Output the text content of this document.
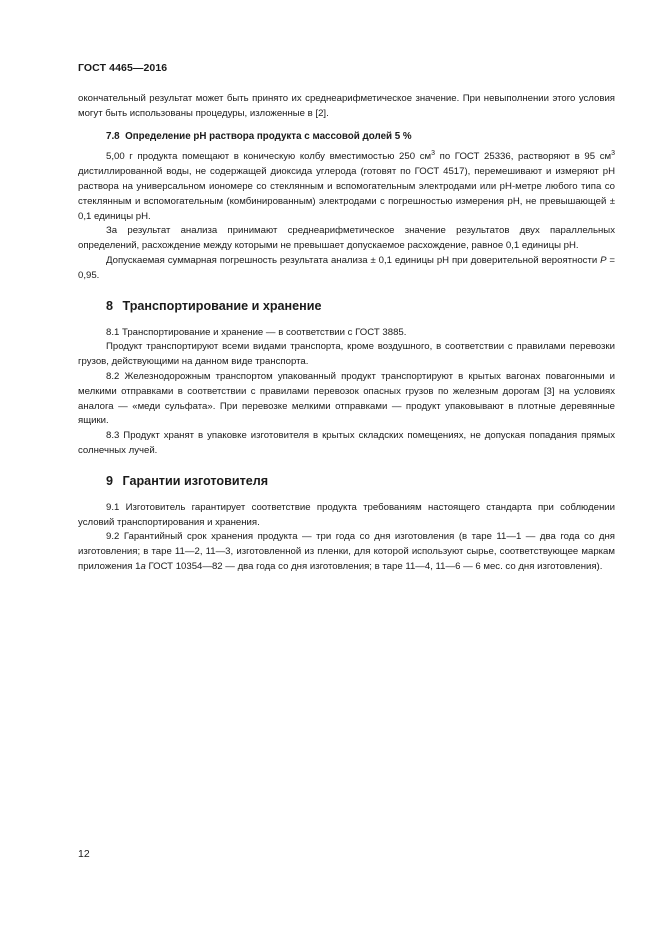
ГОСТ 4465—2016

окончательный результат может быть принято их среднеарифметическое значение. При невыполнении этого условия могут быть использованы процедуры, изложенные в [2].

7.8 Определение рН раствора продукта с массовой долей 5 %

5,00 г продукта помещают в коническую колбу вместимостью 250 $см^3$ по ГОСТ 25336, растворяют в 95 $см^3$ дистиллированной воды, не содержащей диоксида углерода (готовят по ГОСТ 4517), перемешивают и измеряют рН раствора на универсальном иономере со стеклянным и вспомогательным электродами или рН-метре любого типа со стеклянным и вспомогательным (комбинированным) электродами с погрешностью измерения рН, не превышающей ± 0,1 единицы рН.

За результат анализа принимают среднеарифметическое значение результатов двух параллельных определений, расхождение между которыми не превышает допускаемое расхождение, равное 0,1 единицы рН.

Допускаемая суммарная погрешность результата анализа ± 0,1 единицы рН при доверительной вероятности P = 0,95.

8 Транспортирование и хранение

8.1 Транспортирование и хранение — в соответствии с ГОСТ 3885.

Продукт транспортируют всеми видами транспорта, кроме воздушного, в соответствии с правилами перевозки грузов, действующими на данном виде транспорта.

8.2 Железнодорожным транспортом упакованный продукт транспортируют в крытых вагонах повагонными и мелкими отправками в соответствии с правилами перевозок опасных грузов по железным дорогам [3] на условиях аналога — «меди сульфата». При перевозке мелкими отправками — продукт упаковывают в плотные деревянные ящики.

8.3 Продукт хранят в упаковке изготовителя в крытых складских помещениях, не допуская попадания прямых солнечных лучей.

9 Гарантии изготовителя

9.1 Изготовитель гарантирует соответствие продукта требованиям настоящего стандарта при соблюдении условий транспортирования и хранения.

9.2 Гарантийный срок хранения продукта — три года со дня изготовления (в таре 11—1 — два года со дня изготовления; в таре 11—2, 11—3, изготовленной из пленки, для которой используют сырье, соответствующее маркам приложения 1а ГОСТ 10354—82 — два года со дня изготовления; в таре 11—4, 11—6 — 6 мес. со дня изготовления).

12
